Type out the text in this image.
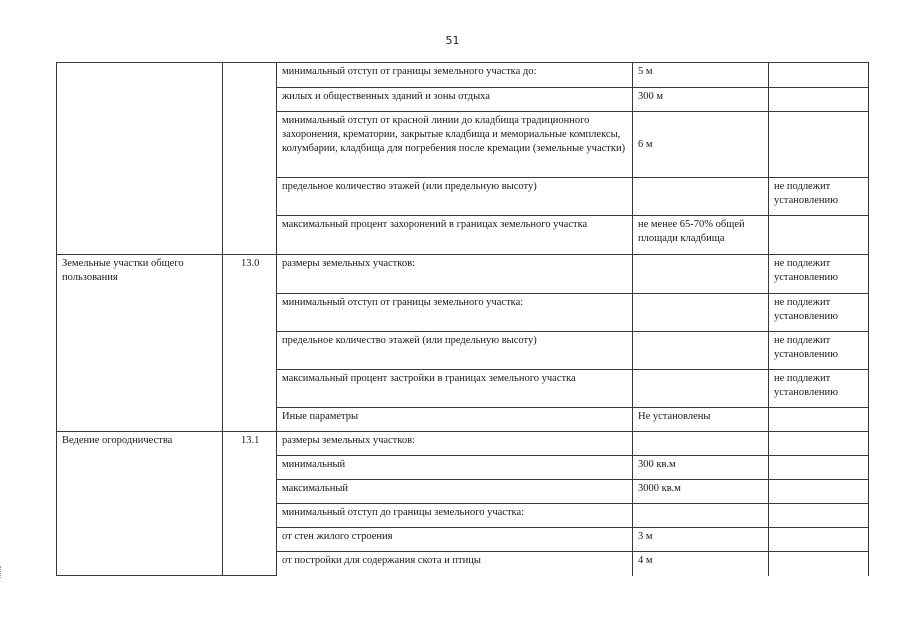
51
		минимальный отступ от границы земельного участка до:	5 м	
		жилых и общественных зданий и зоны отдыха	300 м	
		минимальный отступ от красной линии до кладбища традиционного захоронения, крематории, закрытые кладбища и мемориальные комплексы, колумбарии, кладбища для погребения после кремации (земельные участки)	6 м	
		предельное количество этажей (или предельную высоту)		не подлежит установлению
		максимальный процент захоронений в границах земельного участка	не менее 65-70% общей площади кладбища	
Земельные участки общего пользования	13.0	размеры земельных участков:		не подлежит установлению
		минимальный отступ от границы земельного участка:		не подлежит установлению
		предельное количество этажей (или предельную высоту)		не подлежит установлению
		максимальный процент застройки в границах земельного участка		не подлежит установлению
		Иные параметры	Не установлены	
Ведение огородничества	13.1	размеры земельных участков:		
		минимальный	300 кв.м	
		максимальный	3000 кв.м	
		минимальный отступ до границы земельного участка:		
		от стен жилого строения	3 м	
		от постройки для содержания скота и птицы	4 м	
